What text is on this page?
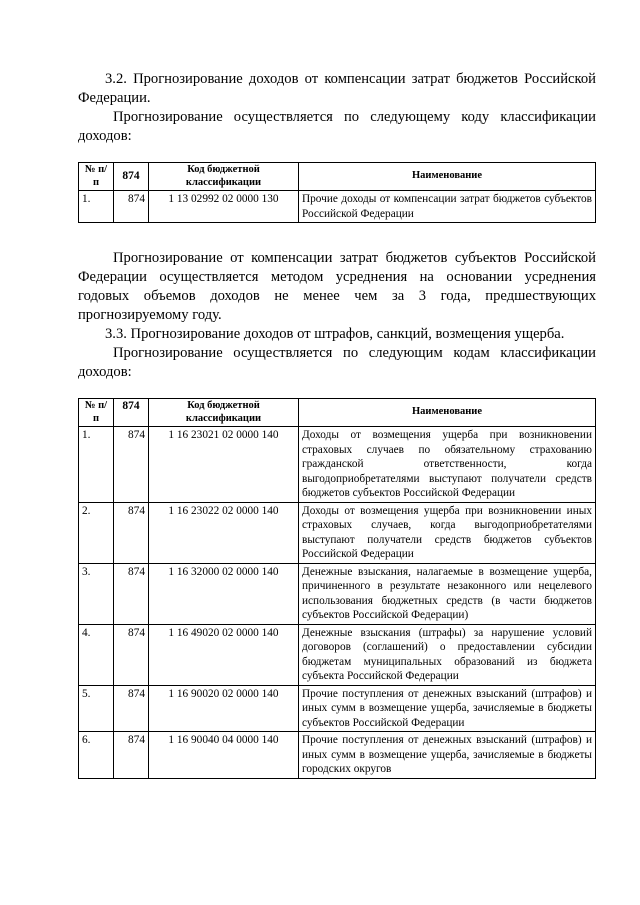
3.2. Прогнозирование доходов от компенсации затрат бюджетов Российской Федерации.

Прогнозирование осуществляется по следующему коду классификации доходов:

№ п/п	874	Код бюджетной классификации	Наименование
1.	874	1 13 02992 02 0000 130	Прочие доходы от компенсации затрат бюджетов субъектов Российской Федерации

Прогнозирование от компенсации затрат бюджетов субъектов Российской Федерации осуществляется методом усреднения на основании усреднения годовых объемов доходов не менее чем за 3 года, предшествующих прогнозируемому году.

3.3. Прогнозирование доходов от штрафов, санкций, возмещения ущерба.

Прогнозирование осуществляется по следующим кодам классификации доходов:

№ п/п	874	Код бюджетной классификации	Наименование
1.	874	1 16 23021 02 0000 140	Доходы от возмещения ущерба при возникновении страховых случаев по обязательному страхованию гражданской ответственности, когда выгодоприобретателями выступают получатели средств бюджетов субъектов Российской Федерации
2.	874	1 16 23022 02 0000 140	Доходы от возмещения ущерба при возникновении иных страховых случаев, когда выгодоприобретателями выступают получатели средств бюджетов субъектов Российской Федерации
3.	874	1 16 32000 02 0000 140	Денежные взыскания, налагаемые в возмещение ущерба, причиненного в результате незаконного или нецелевого использования бюджетных средств (в части бюджетов субъектов Российской Федерации)
4.	874	1 16 49020 02 0000 140	Денежные взыскания (штрафы) за нарушение условий договоров (соглашений) о предоставлении субсидии бюджетам муниципальных образований из бюджета субъекта Российской Федерации
5.	874	1 16 90020 02 0000 140	Прочие поступления от денежных взысканий (штрафов) и иных сумм в возмещение ущерба, зачисляемые в бюджеты субъектов Российской Федерации
6.	874	1 16 90040 04 0000 140	Прочие поступления от денежных взысканий (штрафов) и иных сумм в возмещение ущерба, зачисляемые в бюджеты городских округов
